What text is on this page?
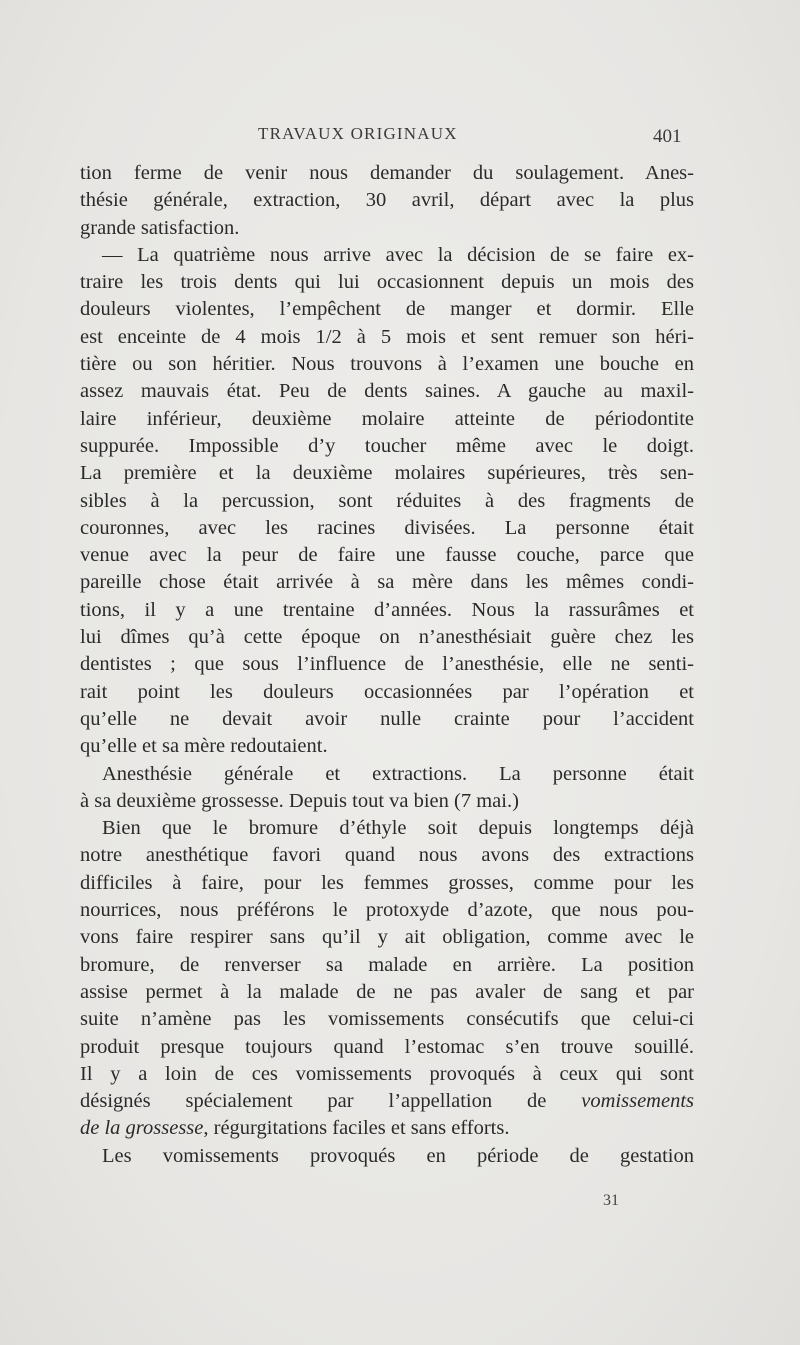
TRAVAUX ORIGINAUX	401
tion ferme de venir nous demander du soulagement. Anes-
thésie générale, extraction, 30 avril, départ avec la plus
grande satisfaction.
— La quatrième nous arrive avec la décision de se faire ex-
traire les trois dents qui lui occasionnent depuis un mois des
douleurs violentes, l’empêchent de manger et dormir. Elle
est enceinte de 4 mois 1/2 à 5 mois et sent remuer son héri-
tière ou son héritier. Nous trouvons à l’examen une bouche en
assez mauvais état. Peu de dents saines. A gauche au maxil-
laire inférieur, deuxième molaire atteinte de périodontite
suppurée. Impossible d’y toucher même avec le doigt.
La première et la deuxième molaires supérieures, très sen-
sibles à la percussion, sont réduites à des fragments de
couronnes, avec les racines divisées. La personne était
venue avec la peur de faire une fausse couche, parce que
pareille chose était arrivée à sa mère dans les mêmes condi-
tions, il y a une trentaine d’années. Nous la rassurâmes et
lui dîmes qu’à cette époque on n’anesthésiait guère chez les
dentistes ; que sous l’influence de l’anesthésie, elle ne senti-
rait point les douleurs occasionnées par l’opération et
qu’elle ne devait avoir nulle crainte pour l’accident
qu’elle et sa mère redoutaient.
Anesthésie générale et extractions. La personne était
à sa deuxième grossesse. Depuis tout va bien (7 mai.)
Bien que le bromure d’éthyle soit depuis longtemps déjà
notre anesthétique favori quand nous avons des extractions
difficiles à faire, pour les femmes grosses, comme pour les
nourrices, nous préférons le protoxyde d’azote, que nous pou-
vons faire respirer sans qu’il y ait obligation, comme avec le
bromure, de renverser sa malade en arrière. La position
assise permet à la malade de ne pas avaler de sang et par
suite n’amène pas les vomissements consécutifs que celui-ci
produit presque toujours quand l’estomac s’en trouve souillé.
Il y a loin de ces vomissements provoqués à ceux qui sont
désignés spécialement par l’appellation de vomissements
de la grossesse, régurgitations faciles et sans efforts.
Les vomissements provoqués en période de gestation
31
